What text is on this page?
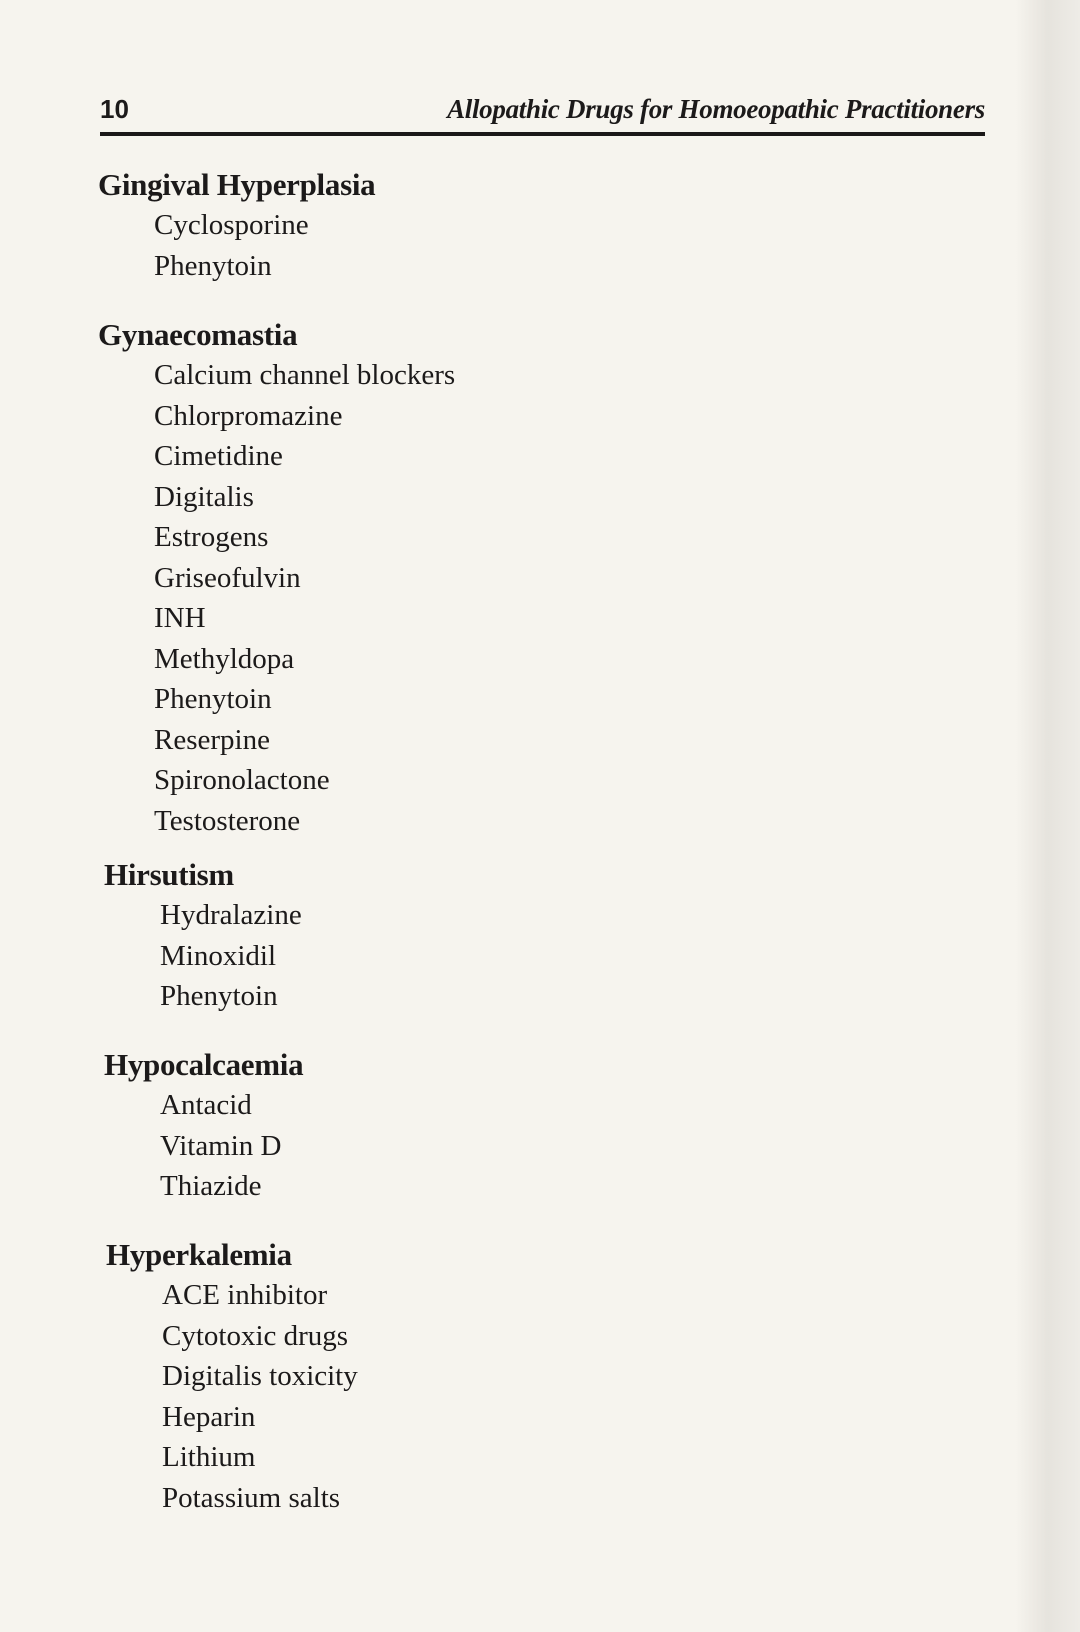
10	Allopathic Drugs for Homoeopathic Practitioners
Gingival Hyperplasia
Cyclosporine
Phenytoin
Gynaecomastia
Calcium channel blockers
Chlorpromazine
Cimetidine
Digitalis
Estrogens
Griseofulvin
INH
Methyldopa
Phenytoin
Reserpine
Spironolactone
Testosterone
Hirsutism
Hydralazine
Minoxidil
Phenytoin
Hypocalcaemia
Antacid
Vitamin D
Thiazide
Hyperkalemia
ACE inhibitor
Cytotoxic drugs
Digitalis toxicity
Heparin
Lithium
Potassium salts
